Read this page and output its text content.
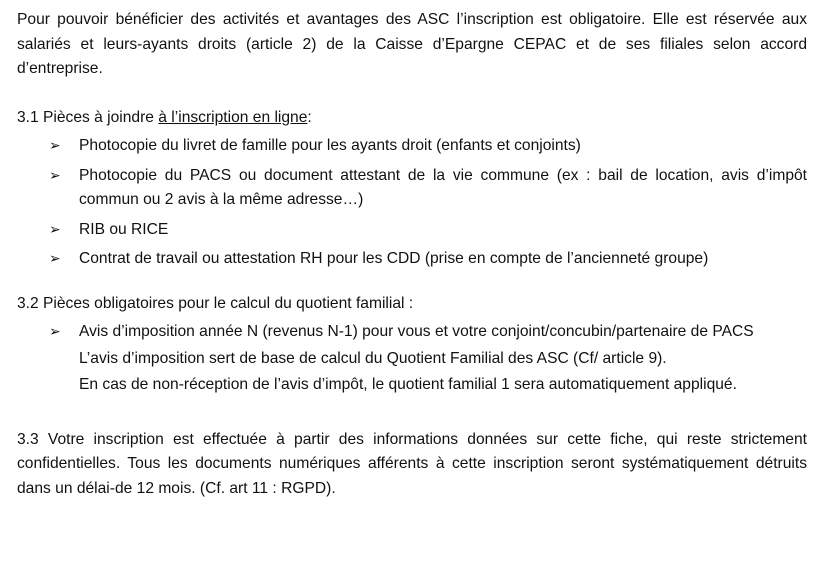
Pour pouvoir bénéficier des activités et avantages des ASC l’inscription est obligatoire. Elle est réservée aux salariés et leurs-ayants droits (article 2) de la Caisse d’Epargne CEPAC et de ses filiales selon accord d’entreprise.

3.1 Pièces à joindre à l’inscription en ligne:

➢ Photocopie du livret de famille pour les ayants droit (enfants et conjoints)
➢ Photocopie du PACS ou document attestant de la vie commune (ex : bail de location, avis d’impôt commun ou 2 avis à la même adresse…)
➢ RIB ou RICE
➢ Contrat de travail ou attestation RH pour les CDD (prise en compte de l’ancienneté groupe)

3.2 Pièces obligatoires pour le calcul du quotient familial :

➢ Avis d’imposition année N (revenus N-1) pour vous et votre conjoint/concubin/partenaire de PACS
L’avis d’imposition sert de base de calcul du Quotient Familial des ASC (Cf/ article 9).
En cas de non-réception de l’avis d’impôt, le quotient familial 1 sera automatiquement appliqué.

3.3 Votre inscription est effectuée à partir des informations données sur cette fiche, qui reste strictement confidentielles. Tous les documents numériques afférents à cette inscription seront systématiquement détruits dans un délai-de 12 mois. (Cf. art 11 : RGPD).
